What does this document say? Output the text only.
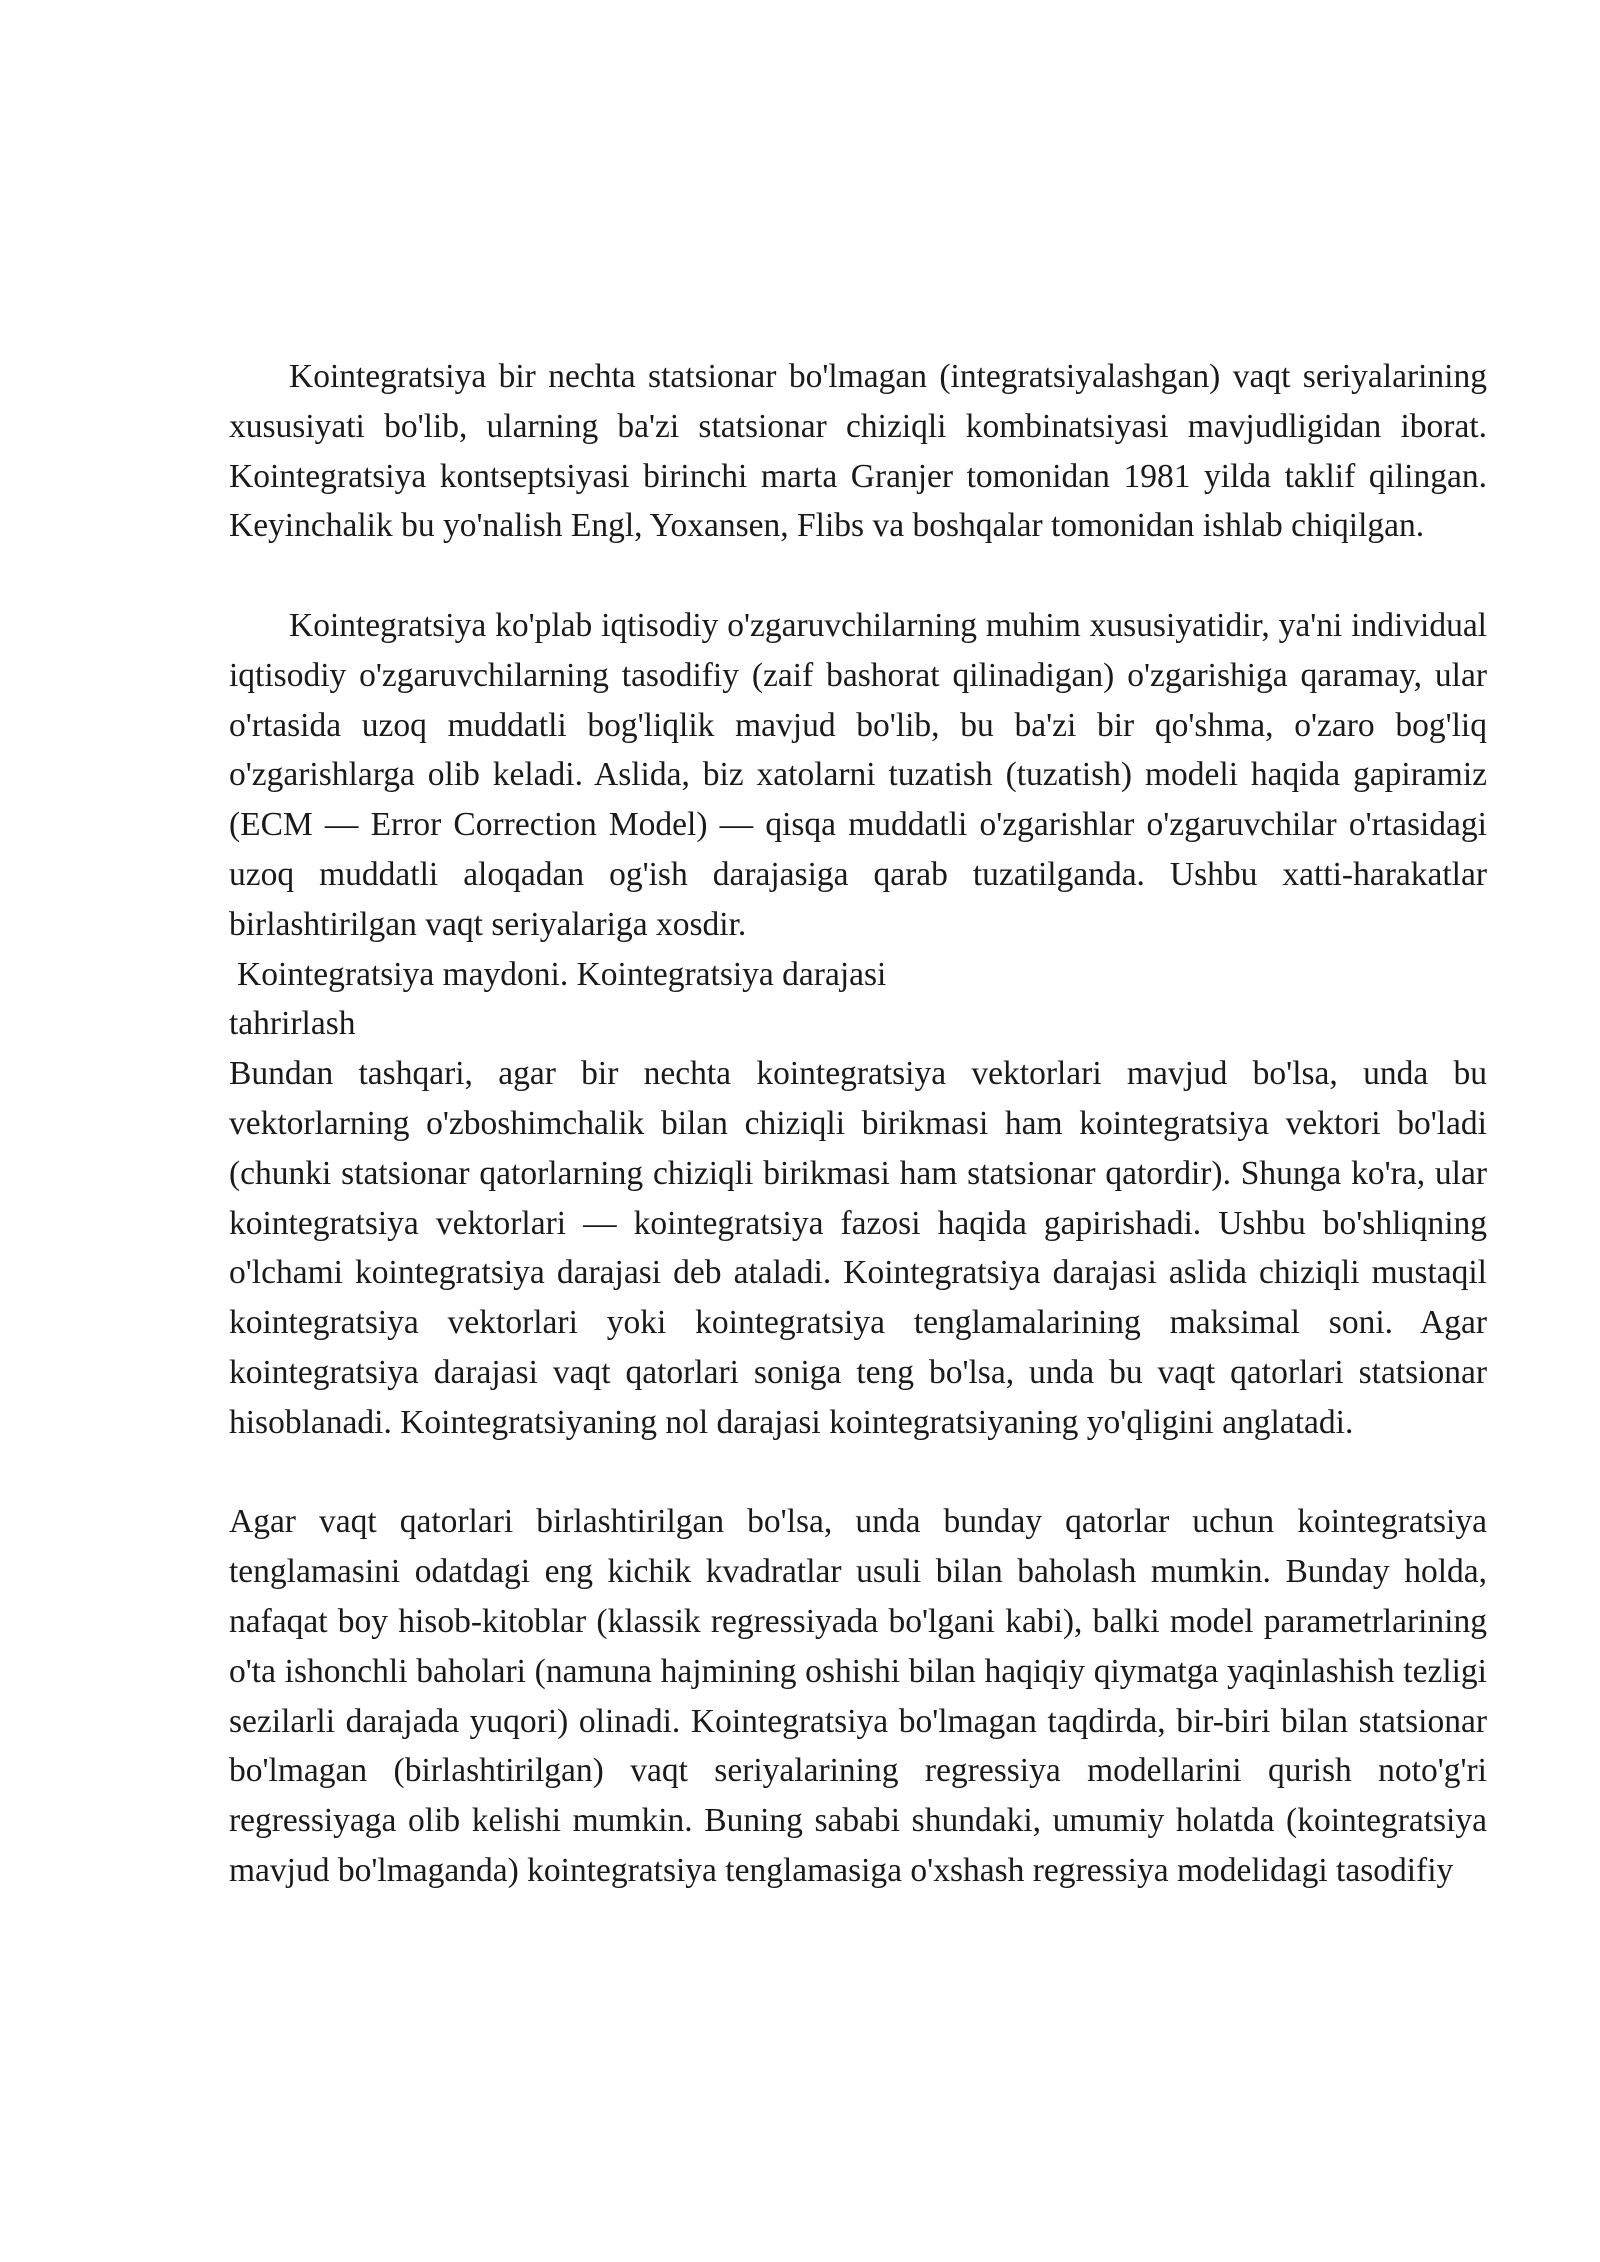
Kointegratsiya bir nechta statsionar bo'lmagan (integratsiyalashgan) vaqt seriyalarining xususiyati bo'lib, ularning ba'zi statsionar chiziqli kombinatsiyasi mavjudligidan iborat. Kointegratsiya kontseptsiyasi birinchi marta Granjer tomonidan 1981 yilda taklif qilingan. Keyinchalik bu yo'nalish Engl, Yoxansen, Flibs va boshqalar tomonidan ishlab chiqilgan.

Kointegratsiya ko'plab iqtisodiy o'zgaruvchilarning muhim xususiyatidir, ya'ni individual iqtisodiy o'zgaruvchilarning tasodifiy (zaif bashorat qilinadigan) o'zgarishiga qaramay, ular o'rtasida uzoq muddatli bog'liqlik mavjud bo'lib, bu ba'zi bir qo'shma, o'zaro bog'liq o'zgarishlarga olib keladi. Aslida, biz xatolarni tuzatish (tuzatish) modeli haqida gapiramiz (ECM — Error Correction Model) — qisqa muddatli o'zgarishlar o'zgaruvchilar o'rtasidagi uzoq muddatli aloqadan og'ish darajasiga qarab tuzatilganda. Ushbu xatti-harakatlar birlashtirilgan vaqt seriyalariga xosdir.

Kointegratsiya maydoni. Kointegratsiya darajasi

tahrirlash

Bundan tashqari, agar bir nechta kointegratsiya vektorlari mavjud bo'lsa, unda bu vektorlarning o'zboshimchalik bilan chiziqli birikmasi ham kointegratsiya vektori bo'ladi (chunki statsionar qatorlarning chiziqli birikmasi ham statsionar qatordir). Shunga ko'ra, ular kointegratsiya vektorlari — kointegratsiya fazosi haqida gapirishadi. Ushbu bo'shliqning o'lchami kointegratsiya darajasi deb ataladi. Kointegratsiya darajasi aslida chiziqli mustaqil kointegratsiya vektorlari yoki kointegratsiya tenglamalarining maksimal soni. Agar kointegratsiya darajasi vaqt qatorlari soniga teng bo'lsa, unda bu vaqt qatorlari statsionar hisoblanadi. Kointegratsiyaning nol darajasi kointegratsiyaning yo'qligini anglatadi.

Agar vaqt qatorlari birlashtirilgan bo'lsa, unda bunday qatorlar uchun kointegratsiya tenglamasini odatdagi eng kichik kvadratlar usuli bilan baholash mumkin. Bunday holda, nafaqat boy hisob-kitoblar (klassik regressiyada bo'lgani kabi), balki model parametrlarining o'ta ishonchli baholari (namuna hajmining oshishi bilan haqiqiy qiymatga yaqinlashish tezligi sezilarli darajada yuqori) olinadi. Kointegratsiya bo'lmagan taqdirda, bir-biri bilan statsionar bo'lmagan (birlashtirilgan) vaqt seriyalarining regressiya modellarini qurish noto'g'ri regressiyaga olib kelishi mumkin. Buning sababi shundaki, umumiy holatda (kointegratsiya mavjud bo'lmaganda) kointegratsiya tenglamasiga o'xshash regressiya modelidagi tasodifiy
